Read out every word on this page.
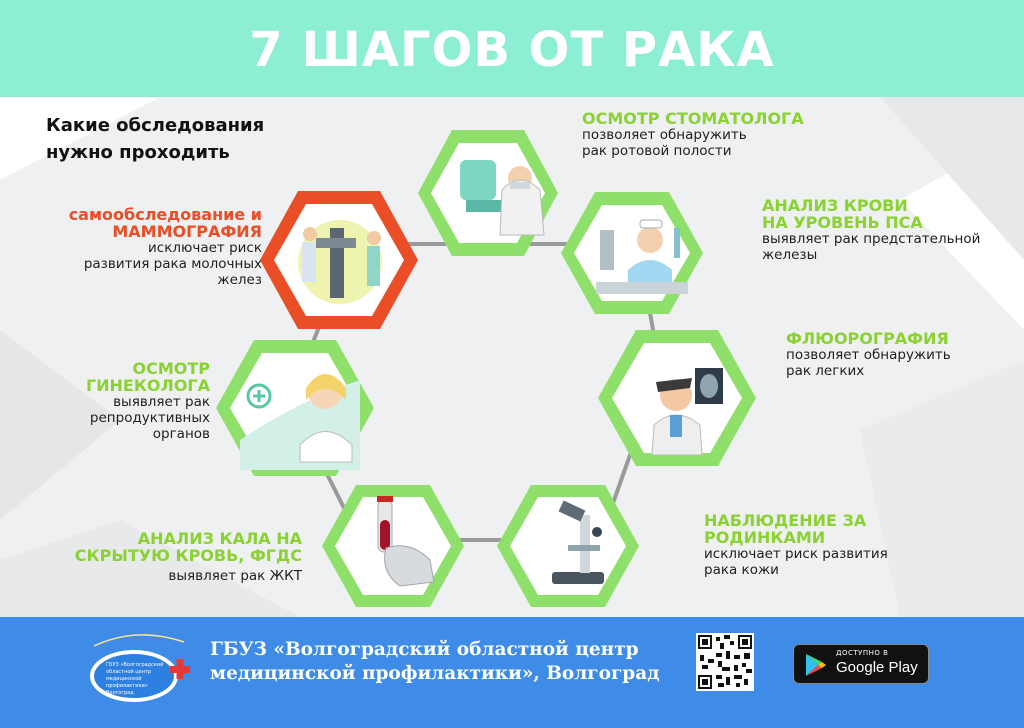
7 ШАГОВ ОТ РАКА
Какие обследования
нужно проходить
ОСМОТР СТОМАТОЛОГА
позволяет обнаружить
рак ротовой полости
АНАЛИЗ КРОВИ
НА УРОВЕНЬ ПСА
выявляет рак предстательной
железы
ФЛЮОРОГРАФИЯ
позволяет обнаружить
рак легких
НАБЛЮДЕНИЕ ЗА
РОДИНКАМИ
исключает риск развития
рака кожи
АНАЛИЗ КАЛА НА
СКРЫТУЮ КРОВЬ, ФГДС
выявляет рак ЖКТ
ОСМОТР
ГИНЕКОЛОГА
выявляет рак
репродуктивных
органов
самообследование и
МАММОГРАФИЯ
исключает риск
развития рака молочных
желез
ГБУЗ «Волгоградский
областной центр
медицинской
профилактики»
Волгоград
ГБУЗ «Волгоградский областной центр
медицинской профилактики», Волгоград
ДОСТУПНО В
Google Play
